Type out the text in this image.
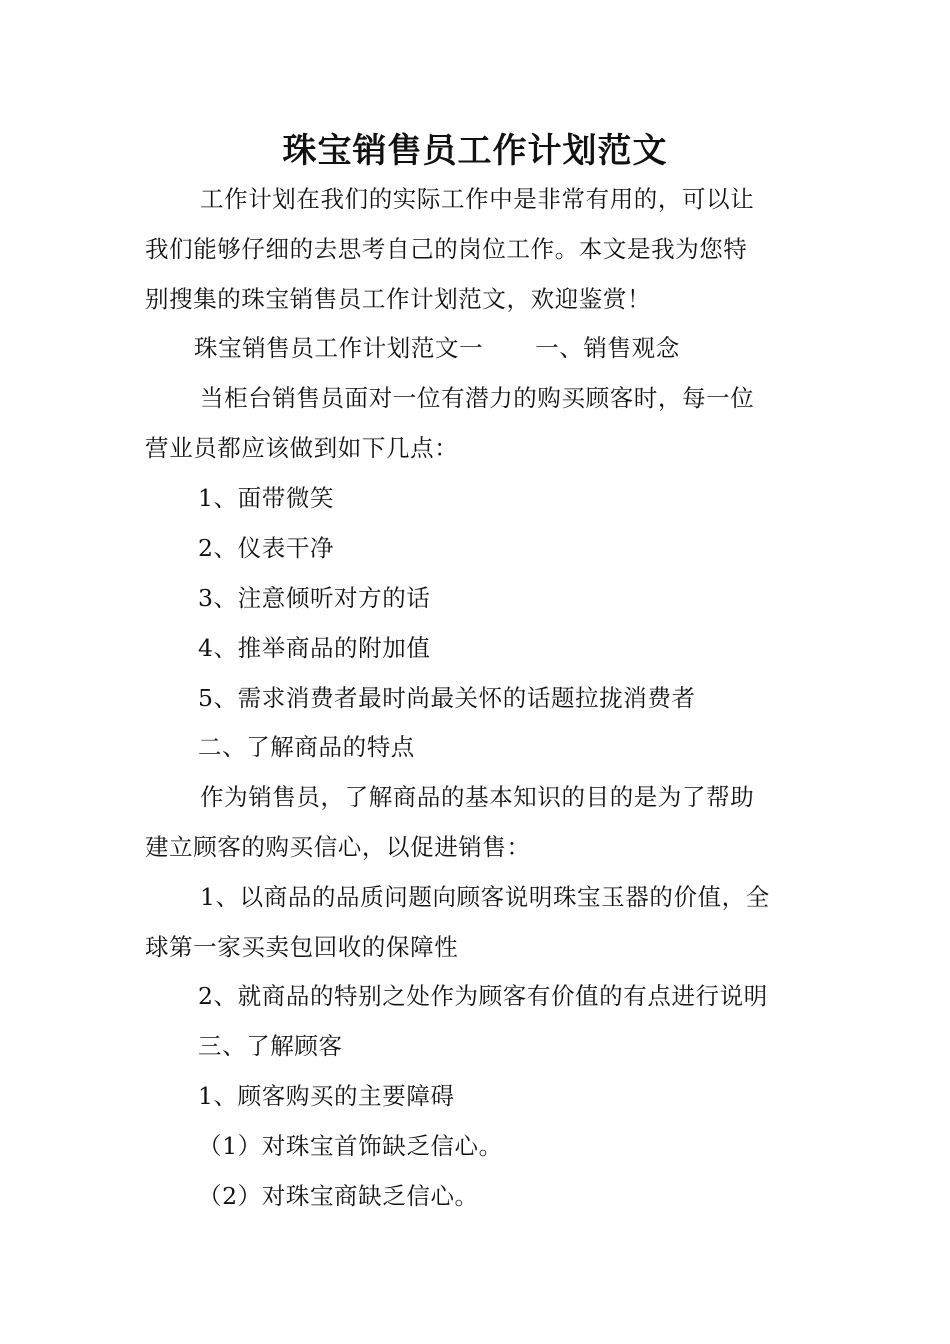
珠宝销售员工作计划范文
工作计划在我们的实际工作中是非常有用的，可以让
我们能够仔细的去思考自己的岗位工作。本文是我为您特
别搜集的珠宝销售员工作计划范文，欢迎鉴赏！
珠宝销售员工作计划范文一 一、销售观念
当柜台销售员面对一位有潜力的购买顾客时，每一位
营业员都应该做到如下几点：
1、面带微笑
2、仪表干净
3、注意倾听对方的话
4、推举商品的附加值
5、需求消费者最时尚最关怀的话题拉拢消费者
二、了解商品的特点
作为销售员，了解商品的基本知识的目的是为了帮助
建立顾客的购买信心，以促进销售：
1、以商品的品质问题向顾客说明珠宝玉器的价值，全
球第一家买卖包回收的保障性
2、就商品的特别之处作为顾客有价值的有点进行说明
三、了解顾客
1、顾客购买的主要障碍
（1）对珠宝首饰缺乏信心。
（2）对珠宝商缺乏信心。
